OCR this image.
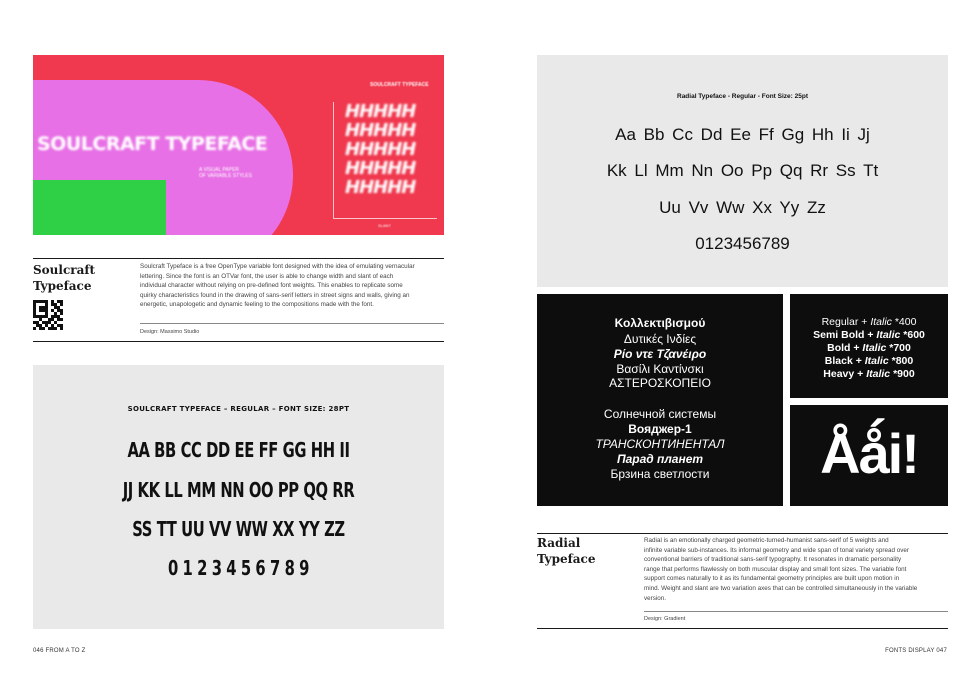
SOULCRAFT TYPEFACE
A VISUAL PAPER
OF VARIABLE STYLES
SOULCRAFT TYPEFACE
HHHHH
HHHHH
HHHHH
HHHHH
HHHHH
SLANT
Soulcraft
Typeface
Soulcraft Typeface is a free OpenType variable font designed with the idea of emulating vernacular
lettering. Since the font is an OTVar font, the user is able to change width and slant of each
individual character without relying on pre-defined font weights. This enables to replicate some
quirky characteristics found in the drawing of sans-serif letters in street signs and walls, giving an
energetic, unapologetic and dynamic feeling to the compositions made with the font.
Design: Massimo Studio
SOULCRAFT TYPEFACE – REGULAR – FONT SIZE: 28PT
AA BB CC DD EE FF GG HH II
JJ KK LL MM NN OO PP QQ RR
SS TT UU VV WW XX YY ZZ
0 1 2 3 4 5 6 7 8 9
046 FROM A TO Z
Radial Typeface - Regular - Font Size: 25pt
Aa Bb Cc Dd Ee Ff Gg Hh Ii Jj
Kk Ll Mm Nn Oo Pp Qq Rr Ss Tt
Uu Vv Ww Xx Yy Zz
0123456789
Κολλεκτιβισμού
Δυτικές Ινδίες
Ρίο ντε Τζανέιρο
Βασίλι Καντίνσκι
ΑΣΤΕΡΟΣΚΟΠΕΙΟ
Солнечной системы
Вояджер-1
ТРАНСКОНТИНЕНТАЛ
Парад планет
Брзина светлости
Regular + Italic *400
Semi Bold + Italic *600
Bold + Italic *700
Black + Italic *800
Heavy + Italic *900
Åǻi!
Radial
Typeface
Radial is an emotionally charged geometric-turned-humanist sans-serif of 5 weights and
infinite variable sub-instances. Its informal geometry and wide span of tonal variety spread over
conventional barriers of traditional sans-serif typography. It resonates in dramatic personality
range that performs flawlessly on both muscular display and small font sizes. The variable font
support comes naturally to it as its fundamental geometry principles are built upon motion in
mind. Weight and slant are two variation axes that can be controlled simultaneously in the variable
version.
Design: Gradient
FONTS DISPLAY 047
